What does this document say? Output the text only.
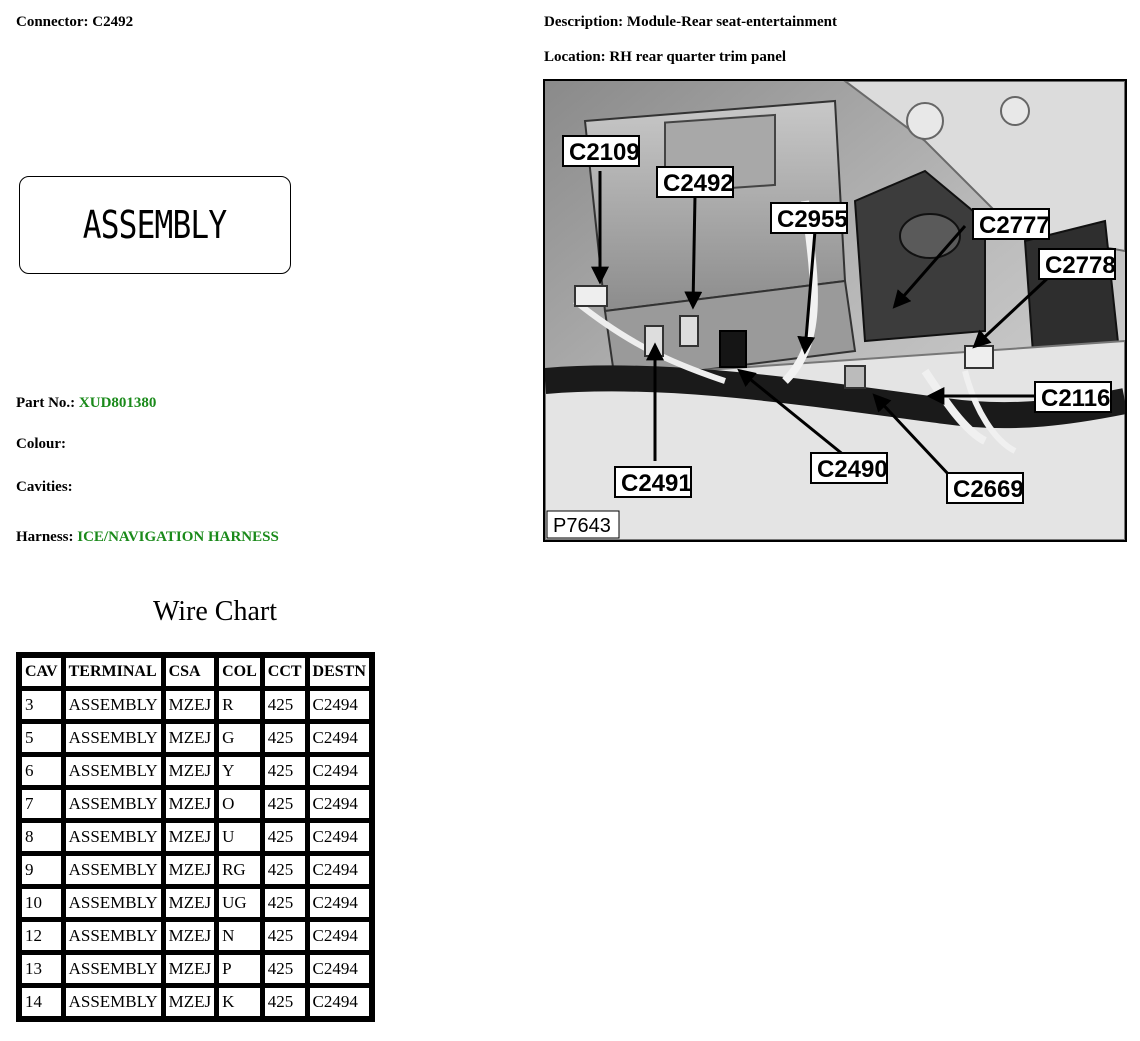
Connector: C2492
ASSEMBLY
Part No.: XUD801380
Colour:
Cavities:
Harness: ICE/NAVIGATION HARNESS
Description: Module-Rear seat-entertainment
Location: RH rear quarter trim panel
C2109
C2492
C2955	C2777
C2778
C2116
C2490
C2669
C2491
P7643
Wire Chart
CAV	TERMINAL	CSA	COL	CCT	DESTN
3	ASSEMBLY	MZEJ	R	425	C2494
5	ASSEMBLY	MZEJ	G	425	C2494
6	ASSEMBLY	MZEJ	Y	425	C2494
7	ASSEMBLY	MZEJ	O	425	C2494
8	ASSEMBLY	MZEJ	U	425	C2494
9	ASSEMBLY	MZEJ	RG	425	C2494
10	ASSEMBLY	MZEJ	UG	425	C2494
12	ASSEMBLY	MZEJ	N	425	C2494
13	ASSEMBLY	MZEJ	P	425	C2494
14	ASSEMBLY	MZEJ	K	425	C2494
